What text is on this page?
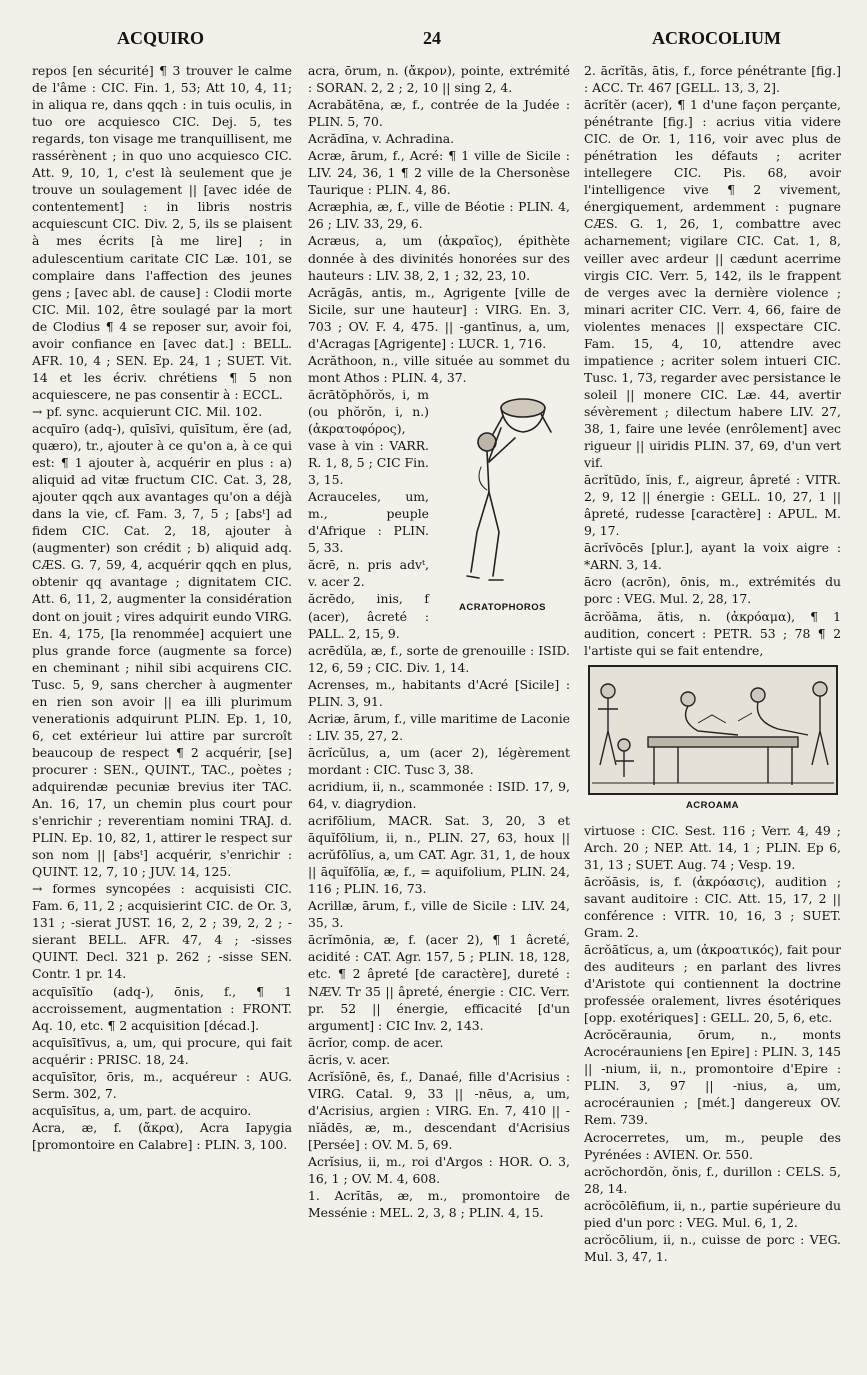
ACQUIRO	24	ACROCOLIUM

repos [en sécurité] ¶ 3 trouver le calme de l'âme : CIC. Fin. 1, 53; Att 10, 4, 11; in aliqua re, dans qqch : in tuis oculis, in tuo ore acquiesco CIC. Dej. 5, tes regards, ton visage me tranquillisent, me rassérènent ; in quo uno acquiesco CIC. Att. 9, 10, 1, c'est là seulement que je trouve un soulagement || [avec idée de contentement] : in libris nostris acquiescunt CIC. Div. 2, 5, ils se plaisent à mes écrits [à me lire] ; in adulescentium caritate CIC Læ. 101, se complaire dans l'affection des jeunes gens ; [avec abl. de cause] : Clodii morte CIC. Mil. 102, être soulagé par la mort de Clodius ¶ 4 se reposer sur, avoir foi, avoir confiance en [avec dat.] : BELL. AFR. 10, 4 ; SEN. Ep. 24, 1 ; SUET. Vit. 14 et les écriv. chrétiens ¶ 5 non acquiescere, ne pas consentir à : ECCL.

→ pf. sync. acquierunt CIC. Mil. 102.

acquīro (adq-), quīsīvi, quīsītum, ĕre (ad, quæro), tr., ajouter à ce qu'on a, à ce qui est: ¶ 1 ajouter à, acquérir en plus : a) aliquid ad vitæ fructum CIC. Cat. 3, 28, ajouter qqch aux avantages qu'on a déjà dans la vie, cf. Fam. 3, 7, 5 ; [absᵗ] ad fidem CIC. Cat. 2, 18, ajouter à (augmenter) son crédit ; b) aliquid adq. CÆS. G. 7, 59, 4, acquérir qqch en plus, obtenir qq avantage ; dignitatem CIC. Att. 6, 11, 2, augmenter la considération dont on jouit ; vires adquirit eundo VIRG. En. 4, 175, [la renommée] acquiert une plus grande force (augmente sa force) en cheminant ; nihil sibi acquirens CIC. Tusc. 5, 9, sans chercher à augmenter en rien son avoir || ea illi plurimum venerationis adquirunt PLIN. Ep. 1, 10, 6, cet extérieur lui attire par surcroît beaucoup de respect ¶ 2 acquérir, [se] procurer : SEN., QUINT., TAC., poètes ; adquirendæ pecuniæ brevius iter TAC. An. 16, 17, un chemin plus court pour s'enrichir ; reverentiam nomini TRAJ. d. PLIN. Ep. 10, 82, 1, attirer le respect sur son nom || [absᵗ] acquérir, s'enrichir : QUINT. 12, 7, 10 ; JUV. 14, 125.

→ formes syncopées : acquisisti CIC. Fam. 6, 11, 2 ; acquisierint CIC. de Or. 3, 131 ; -sierat JUST. 16, 2, 2 ; 39, 2, 2 ; -sierant BELL. AFR. 47, 4 ; -sisses QUINT. Decl. 321 p. 262 ; -sisse SEN. Contr. 1 pr. 14.

acquīsītĭo (adq-), ōnis, f., ¶ 1 accroissement, augmentation : FRONT. Aq. 10, etc. ¶ 2 acquisition [décad.].

acquīsītīvus, a, um, qui procure, qui fait acquérir : PRISC. 18, 24.

acquīsītor, ōris, m., acquéreur : AUG. Serm. 302, 7.

acquīsītus, a, um, part. de acquiro.

Acra, æ, f. (ἄκρα), Acra Iapygia [promontoire en Calabre] : PLIN. 3, 100.

acra, ōrum, n. (ἄκρον), pointe, extrémité : SORAN. 2, 2 ; 2, 10 || sing 2, 4.

Acrabătēna, æ, f., contrée de la Judée : PLIN. 5, 70.

Acrădīna, v. Achradina.

Acræ, ārum, f., Acré: ¶ 1 ville de Sicile : LIV. 24, 36, 1 ¶ 2 ville de la Chersonèse Taurique : PLIN. 4, 86.

Acræphia, æ, f., ville de Béotie : PLIN. 4, 26 ; LIV. 33, 29, 6.

Acræus, a, um (ἀκραῖος), épithète donnée à des divinités honorées sur des hauteurs : LIV. 38, 2, 1 ; 32, 23, 10.

Acrăgās, antis, m., Agrigente [ville de Sicile, sur une hauteur] : VIRG. En. 3, 703 ; OV. F. 4, 475. || -gantīnus, a, um, d'Acragas [Agrigente] : LUCR. 1, 716.

Acrăthoon, n., ville située au sommet du mont Athos : PLIN. 4, 37.

ACRATOPHOROS

ăcrātŏphŏrŏs, i, m (ou phŏrŏn, i, n.) (ἀκρατοφόρος), vase à vin : VARR. R. 1, 8, 5 ; CIC Fin. 3, 15.

Acrauceles, um, m., peuple d'Afrique : PLIN. 5, 33.

ăcrē, n. pris advᵗ, v. acer 2.

ăcrēdo, inis, f (acer), âcreté : PALL. 2, 15, 9.

acrēdŭla, æ, f., sorte de grenouille : ISID. 12, 6, 59 ; CIC. Div. 1, 14.

Acrenses, m., habitants d'Acré [Sicile] : PLIN. 3, 91.

Acriæ, ārum, f., ville maritime de Laconie : LIV. 35, 27, 2.

ācrĭcŭlus, a, um (acer 2), légèrement mordant : CIC. Tusc 3, 38.

acridium, ii, n., scammonée : ISID. 17, 9, 64, v. diagrydion.

acrifōlium, MACR. Sat. 3, 20, 3 et āquĭfōlium, ii, n., PLIN. 27, 63, houx || acrŭfōlĭus, a, um CAT. Agr. 31, 1, de houx || āquĭfōlĭa, æ, f., = aquifolium, PLIN. 24, 116 ; PLIN. 16, 73.

Acrillæ, ārum, f., ville de Sicile : LIV. 24, 35, 3.

ācrĭmōnia, æ, f. (acer 2), ¶ 1 âcreté, acidité : CAT. Agr. 157, 5 ; PLIN. 18, 128, etc. ¶ 2 âpreté [de caractère], dureté : NÆV. Tr 35 || âpreté, énergie : CIC. Verr. pr. 52 || énergie, efficacité [d'un argument] : CIC Inv. 2, 143.

ācrĭor, comp. de acer.

ācris, v. acer.

Acrĭsĭōnē, ēs, f., Danaé, fille d'Acrisius : VIRG. Catal. 9, 33 || -nēus, a, um, d'Acrisius, argien : VIRG. En. 7, 410 || -nĭădēs, æ, m., descendant d'Acrisius [Persée] : OV. M. 5, 69.

Acrĭsius, ii, m., roi d'Argos : HOR. O. 3, 16, 1 ; OV. M. 4, 608.

1. Acrĭtās, æ, m., promontoire de Messénie : MEL. 2, 3, 8 ; PLIN. 4, 15.

2. ācrĭtās, ātis, f., force pénétrante [fig.] : ACC. Tr. 467 [GELL. 13, 3, 2].

ācrĭtĕr (acer), ¶ 1 d'une façon perçante, pénétrante [fig.] : acrius vitia videre CIC. de Or. 1, 116, voir avec plus de pénétration les défauts ; acriter intellegere CIC. Pis. 68, avoir l'intelligence vive ¶ 2 vivement, énergiquement, ardemment : pugnare CÆS. G. 1, 26, 1, combattre avec acharnement; vigilare CIC. Cat. 1, 8, veiller avec ardeur || cædunt acerrime virgis CIC. Verr. 5, 142, ils le frappent de verges avec la dernière violence ; minari acriter CIC. Verr. 4, 66, faire de violentes menaces || exspectare CIC. Fam. 15, 4, 10, attendre avec impatience ; acriter solem intueri CIC. Tusc. 1, 73, regarder avec persistance le soleil || monere CIC. Læ. 44, avertir sévèrement ; dilectum habere LIV. 27, 38, 1, faire une levée (enrôlement] avec rigueur || uiridis PLIN. 37, 69, d'un vert vif.

ācrĭtūdo, ĭnis, f., aigreur, âpreté : VITR. 2, 9, 12 || énergie : GELL. 10, 27, 1 || âpreté, rudesse [caractère] : APUL. M. 9, 17.

ācrĭvōcēs [plur.], ayant la voix aigre : *ARN. 3, 14.

ācro (acrōn), ōnis, m., extrémités du porc : VEG. Mul. 2, 28, 17.

ācrŏāma, ătis, n. (ἀκρόαμα), ¶ 1 audition, concert : PETR. 53 ; 78 ¶ 2 l'artiste qui se fait entendre,

ACROAMA

virtuose : CIC. Sest. 116 ; Verr. 4, 49 ; Arch. 20 ; NEP. Att. 14, 1 ; PLIN. Ep 6, 31, 13 ; SUET. Aug. 74 ; Vesp. 19.

ācrŏāsis, is, f. (ἀκρόασις), audition ; savant auditoire : CIC. Att. 15, 17, 2 || conférence : VITR. 10, 16, 3 ; SUET. Gram. 2.

ācrŏātĭcus, a, um (ἀκροατικός), fait pour des auditeurs ; en parlant des livres d'Aristote qui contiennent la doctrine professée oralement, livres ésotériques [opp. exotériques] : GELL. 20, 5, 6, etc.

Acrŏcĕraunia, ōrum, n., monts Acrocérauniens [en Epire] : PLIN. 3, 145 || -nium, ii, n., promontoire d'Epire : PLIN. 3, 97 || -nius, a, um, acrocéraunien ; [mét.] dangereux OV. Rem. 739.

Acrocerretes, um, m., peuple des Pyrénées : AVIEN. Or. 550.

acrŏchordŏn, ŏnis, f., durillon : CELS. 5, 28, 14.

acrŏcōlēfium, ii, n., partie supérieure du pied d'un porc : VEG. Mul. 6, 1, 2.

acrŏcōlium, ii, n., cuisse de porc : VEG. Mul. 3, 47, 1.
